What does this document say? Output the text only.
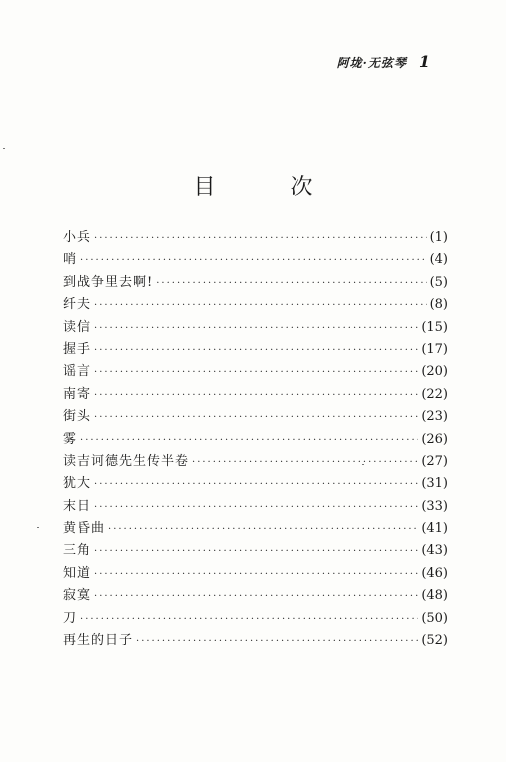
阿垅·无弦琴 1
目 次
小兵 ·····	(1)
哨 ·····	(4)
到战争里去啊! ·····	(5)
纤夫 ·····	(8)
读信 ·····	(15)
握手 ·····	(17)
谣言 ·····	(20)
南寄 ·····	(22)
街头 ·····	(23)
雾 ·····	(26)
读吉诃德先生传半卷 ·····	(27)
犹大 ·····	(31)
末日 ·····	(33)
黄昏曲 ·····	(41)
三角 ·····	(43)
知道 ·····	(46)
寂寞 ·····	(48)
刀 ·····	(50)
再生的日子 ·····	(52)
